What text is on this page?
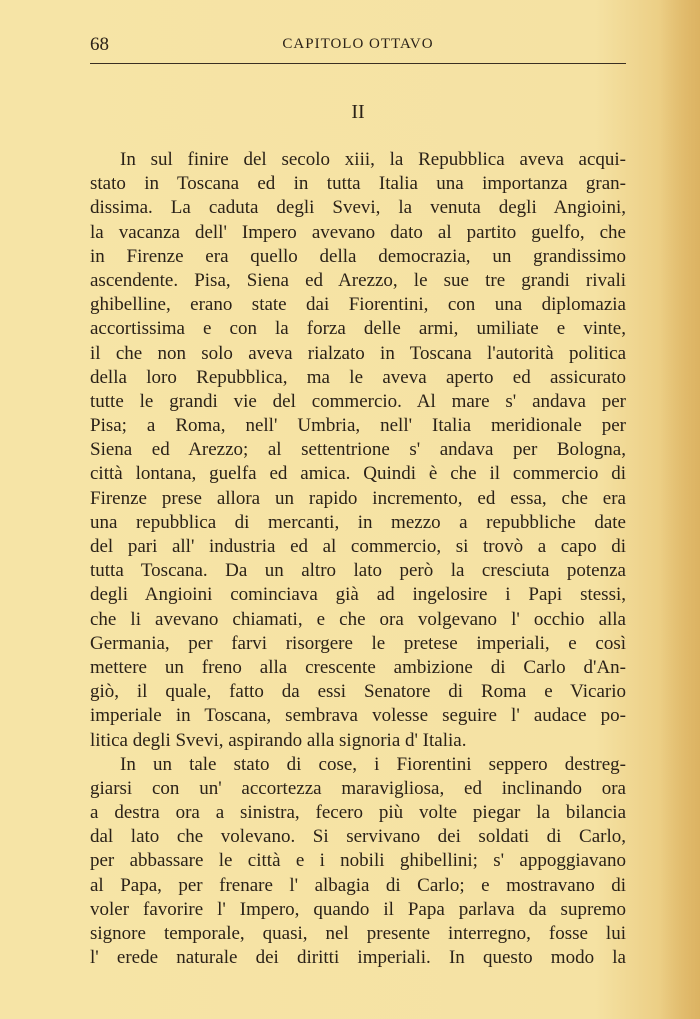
68	CAPITOLO OTTAVO
II
In sul finire del secolo xiii, la Repubblica aveva acqui-
stato in Toscana ed in tutta Italia una importanza gran-
dissima. La caduta degli Svevi, la venuta degli Angioini,
la vacanza dell' Impero avevano dato al partito guelfo, che
in Firenze era quello della democrazia, un grandissimo
ascendente. Pisa, Siena ed Arezzo, le sue tre grandi rivali
ghibelline, erano state dai Fiorentini, con una diplomazia
accortissima e con la forza delle armi, umiliate e vinte,
il che non solo aveva rialzato in Toscana l'autorità politica
della loro Repubblica, ma le aveva aperto ed assicurato
tutte le grandi vie del commercio. Al mare s' andava per
Pisa; a Roma, nell' Umbria, nell' Italia meridionale per
Siena ed Arezzo; al settentrione s' andava per Bologna,
città lontana, guelfa ed amica. Quindi è che il commercio di
Firenze prese allora un rapido incremento, ed essa, che era
una repubblica di mercanti, in mezzo a repubbliche date
del pari all' industria ed al commercio, si trovò a capo di
tutta Toscana. Da un altro lato però la cresciuta potenza
degli Angioini cominciava già ad ingelosire i Papi stessi,
che li avevano chiamati, e che ora volgevano l' occhio alla
Germania, per farvi risorgere le pretese imperiali, e così
mettere un freno alla crescente ambizione di Carlo d'An-
giò, il quale, fatto da essi Senatore di Roma e Vicario
imperiale in Toscana, sembrava volesse seguire l' audace po-
litica degli Svevi, aspirando alla signoria d' Italia.
In un tale stato di cose, i Fiorentini seppero destreg-
giarsi con un' accortezza maravigliosa, ed inclinando ora
a destra ora a sinistra, fecero più volte piegar la bilancia
dal lato che volevano. Si servivano dei soldati di Carlo,
per abbassare le città e i nobili ghibellini; s' appoggiavano
al Papa, per frenare l' albagia di Carlo; e mostravano di
voler favorire l' Impero, quando il Papa parlava da supremo
signore temporale, quasi, nel presente interregno, fosse lui
l' erede naturale dei diritti imperiali. In questo modo la
